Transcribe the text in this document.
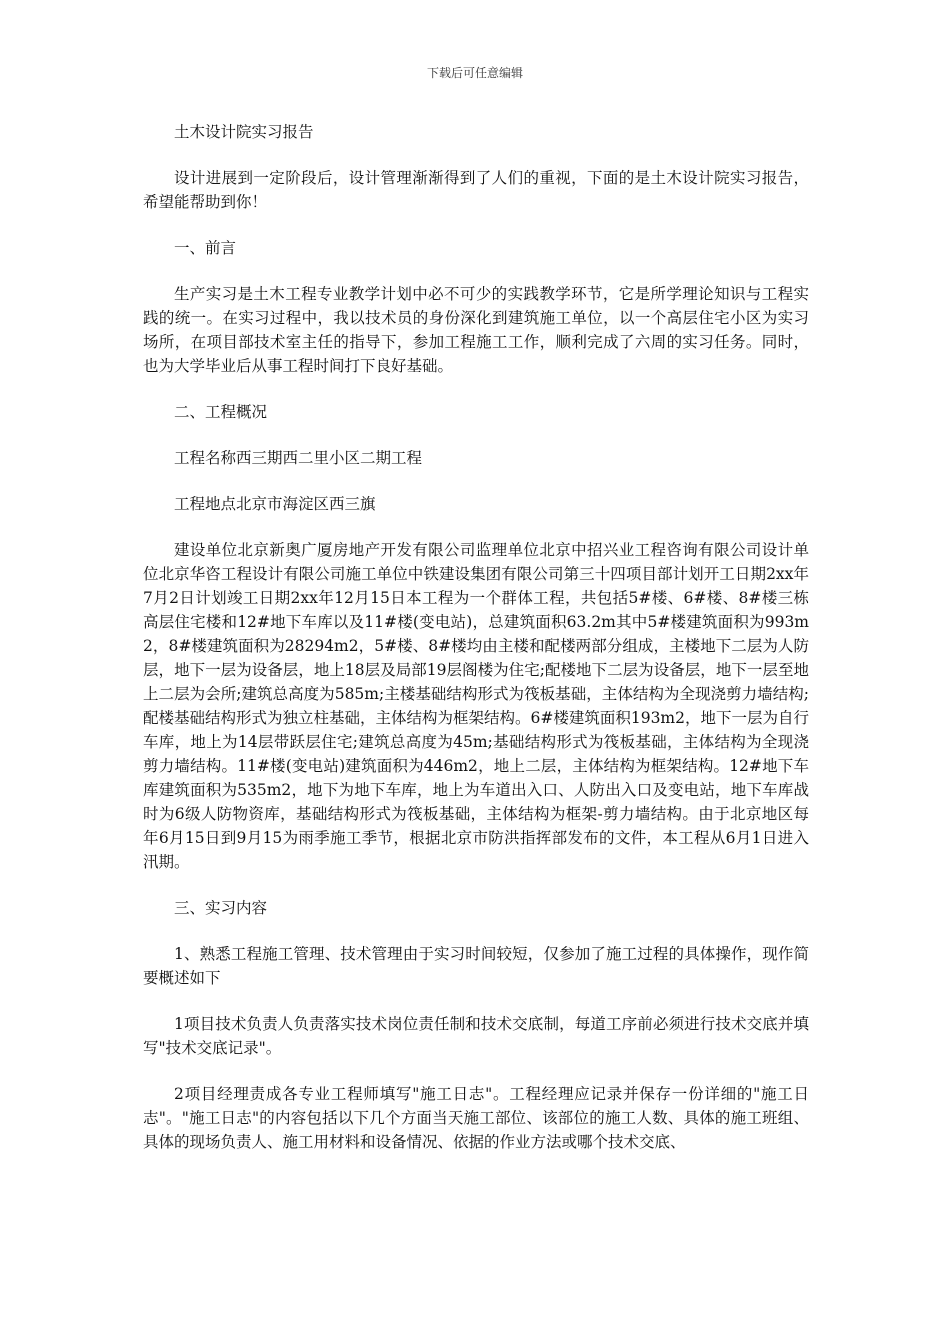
下载后可任意编辑

土木设计院实习报告

设计进展到一定阶段后，设计管理渐渐得到了人们的重视，下面的是土木设计院实习报告，希望能帮助到你！

一、前言

生产实习是土木工程专业教学计划中必不可少的实践教学环节，它是所学理论知识与工程实践的统一。在实习过程中，我以技术员的身份深化到建筑施工单位，以一个高层住宅小区为实习场所，在项目部技术室主任的指导下，参加工程施工工作，顺利完成了六周的实习任务。同时，也为大学毕业后从事工程时间打下良好基础。

二、工程概况

工程名称西三期西二里小区二期工程

工程地点北京市海淀区西三旗

建设单位北京新奥广厦房地产开发有限公司监理单位北京中招兴业工程咨询有限公司设计单位北京华咨工程设计有限公司施工单位中铁建设集团有限公司第三十四项目部计划开工日期2xx年7月2日计划竣工日期2xx年12月15日本工程为一个群体工程，共包括5#楼、6#楼、8#楼三栋高层住宅楼和12#地下车库以及11#楼(变电站)，总建筑面积63.2m其中5#楼建筑面积为993m2，8#楼建筑面积为28294m2，5#楼、8#楼均由主楼和配楼两部分组成，主楼地下二层为人防层，地下一层为设备层，地上18层及局部19层阁楼为住宅;配楼地下二层为设备层，地下一层至地上二层为会所;建筑总高度为585m;主楼基础结构形式为筏板基础，主体结构为全现浇剪力墙结构;配楼基础结构形式为独立柱基础，主体结构为框架结构。6#楼建筑面积193m2，地下一层为自行车库，地上为14层带跃层住宅;建筑总高度为45m;基础结构形式为筏板基础，主体结构为全现浇剪力墙结构。11#楼(变电站)建筑面积为446m2，地上二层，主体结构为框架结构。12#地下车库建筑面积为535m2，地下为地下车库，地上为车道出入口、人防出入口及变电站，地下车库战时为6级人防物资库，基础结构形式为筏板基础，主体结构为框架-剪力墙结构。由于北京地区每年6月15日到9月15为雨季施工季节，根据北京市防洪指挥部发布的文件，本工程从6月1日进入汛期。

三、实习内容

1、熟悉工程施工管理、技术管理由于实习时间较短，仅参加了施工过程的具体操作，现作简要概述如下

1项目技术负责人负责落实技术岗位责任制和技术交底制，每道工序前必须进行技术交底并填写"技术交底记录"。

2项目经理责成各专业工程师填写"施工日志"。工程经理应记录并保存一份详细的"施工日志"。"施工日志"的内容包括以下几个方面当天施工部位、该部位的施工人数、具体的施工班组、具体的现场负责人、施工用材料和设备情况、依据的作业方法或哪个技术交底、
